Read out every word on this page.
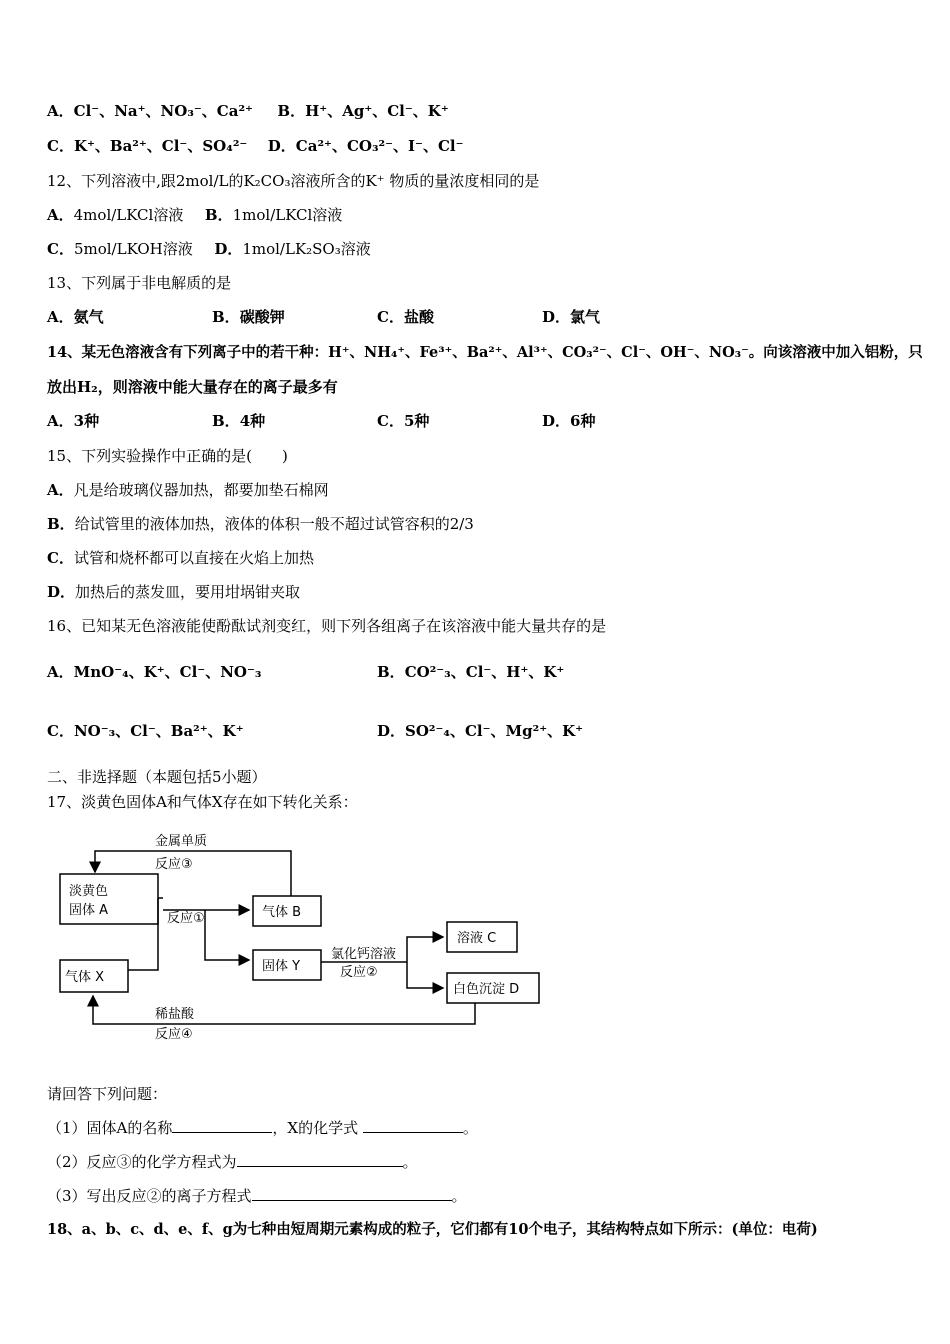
A．Cl⁻、Na⁺、NO₃⁻、Ca²⁺ B．H⁺、Ag⁺、Cl⁻、K⁺
C．K⁺、Ba²⁺、Cl⁻、SO₄²⁻ D．Ca²⁺、CO₃²⁻、I⁻、Cl⁻
12、下列溶液中,跟2mol/L的K₂CO₃溶液所含的K⁺ 物质的量浓度相同的是
A．4mol/LKCl溶液 B．1mol/LKCl溶液
C．5mol/LKOH溶液 D．1mol/LK₂SO₃溶液
13、下列属于非电解质的是
A．氨气	B．碳酸钾	C．盐酸	D．氯气
14、某无色溶液含有下列离子中的若干种：H⁺、NH₄⁺、Fe³⁺、Ba²⁺、Al³⁺、CO₃²⁻、Cl⁻、OH⁻、NO₃⁻。向该溶液中加入铝粉，只
放出H₂，则溶液中能大量存在的离子最多有
A．3种	B．4种	C．5种	D．6种
15、下列实验操作中正确的是(　　)
A．凡是给玻璃仪器加热，都要加垫石棉网
B．给试管里的液体加热，液体的体积一般不超过试管容积的2/3
C．试管和烧杯都可以直接在火焰上加热
D．加热后的蒸发皿，要用坩埚钳夹取
16、已知某无色溶液能使酚酞试剂变红，则下列各组离子在该溶液中能大量共存的是
A．MnO⁻₄、K⁺、Cl⁻、NO⁻₃	B．CO²⁻₃、Cl⁻、H⁺、K⁺
C．NO⁻₃、Cl⁻、Ba²⁺、K⁺	D．SO²⁻₄、Cl⁻、Mg²⁺、K⁺
二、非选择题（本题包括5小题）
17、淡黄色固体A和气体X存在如下转化关系：
淡黄色
固体 A
气体 X
气体 B
固体 Y
溶液 C
白色沉淀 D
金属单质
反应③
反应①
氯化钙溶液
反应②
稀盐酸
反应④
请回答下列问题：
（1）固体A的名称	，X的化学式	。
（2）反应③的化学方程式为	。
（3）写出反应②的离子方程式	。
18、a、b、c、d、e、f、g为七种由短周期元素构成的粒子，它们都有10个电子，其结构特点如下所示：(单位：电荷)
